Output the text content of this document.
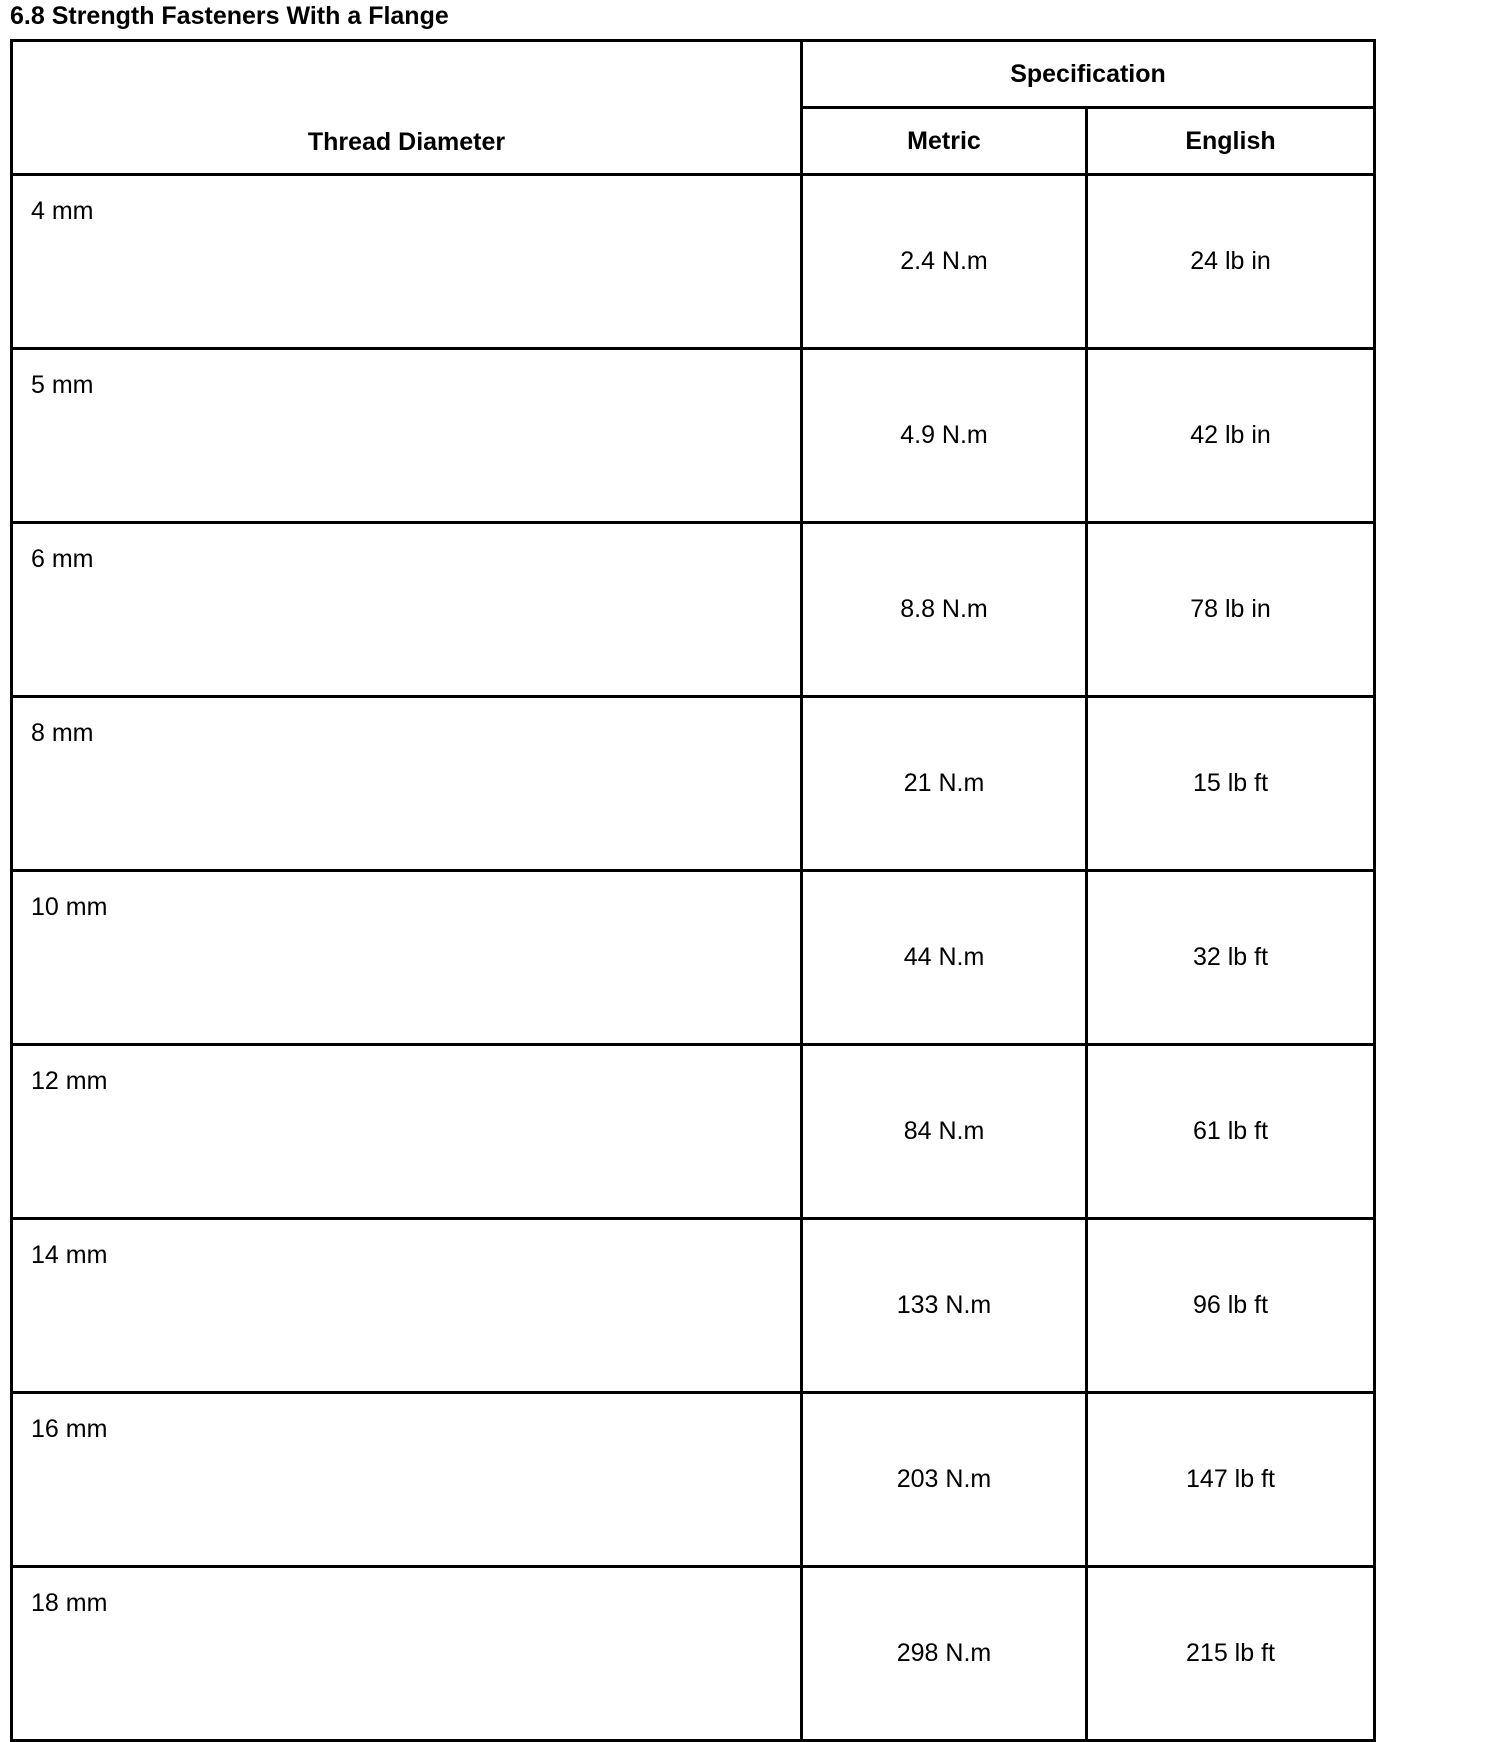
6.8 Strength Fasteners With a Flange
Thread Diameter	Specification	
	Metric	English
4 mm	2.4 N.m	24 lb in
5 mm	4.9 N.m	42 lb in
6 mm	8.8 N.m	78 lb in
8 mm	21 N.m	15 lb ft
10 mm	44 N.m	32 lb ft
12 mm	84 N.m	61 lb ft
14 mm	133 N.m	96 lb ft
16 mm	203 N.m	147 lb ft
18 mm	298 N.m	215 lb ft
